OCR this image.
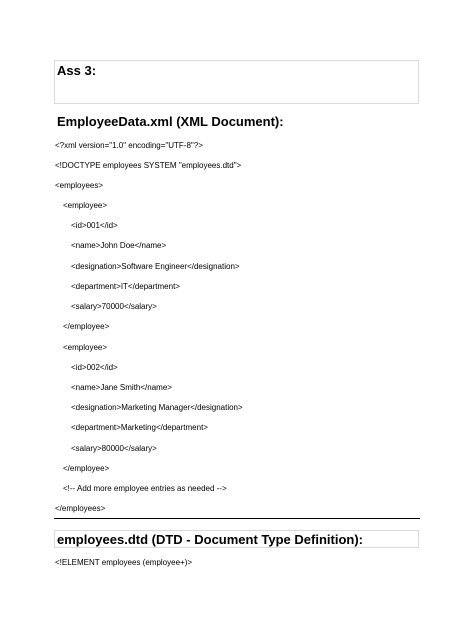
Ass 3:
EmployeeData.xml (XML Document):
<?xml version="1.0" encoding="UTF-8"?>
<!DOCTYPE employees SYSTEM "employees.dtd">
<employees>
<employee>
<id>001</id>
<name>John Doe</name>
<designation>Software Engineer</designation>
<department>IT</department>
<salary>70000</salary>
</employee>
<employee>
<id>002</id>
<name>Jane Smith</name>
<designation>Marketing Manager</designation>
<department>Marketing</department>
<salary>80000</salary>
</employee>
<!-- Add more employee entries as needed -->
</employees>
employees.dtd (DTD - Document Type Definition):
<!ELEMENT employees (employee+)>
